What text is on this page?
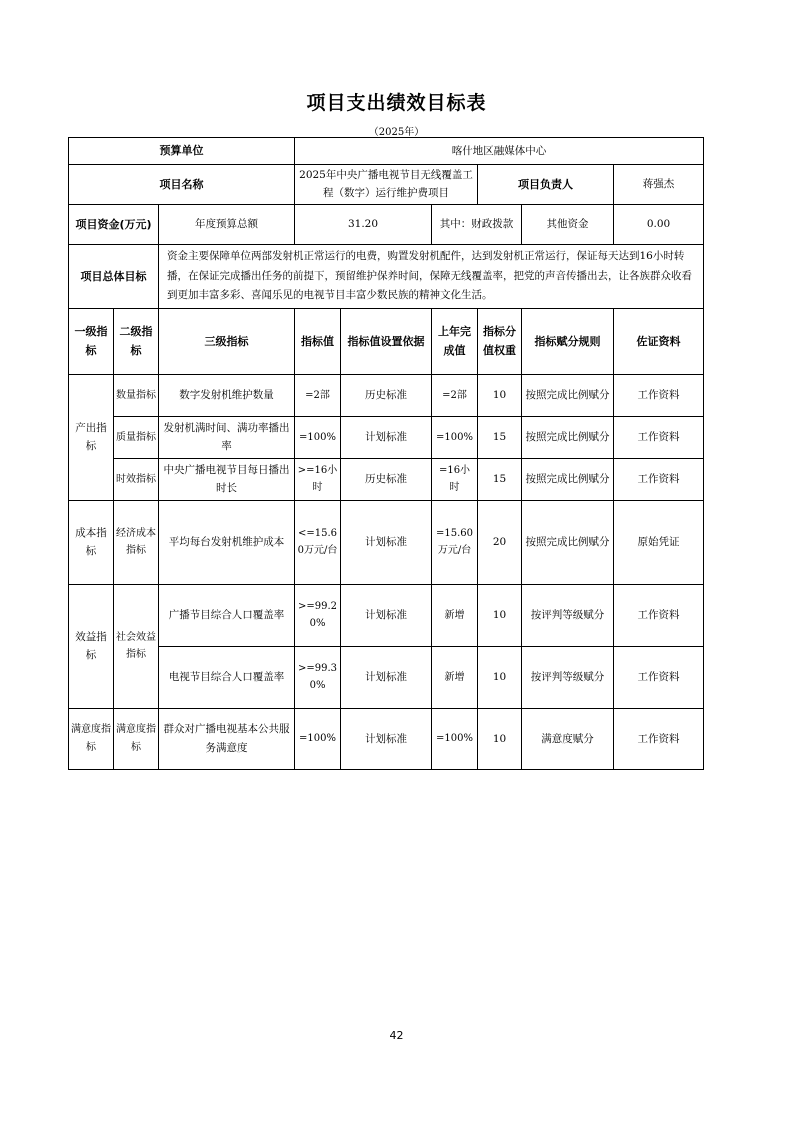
项目支出绩效目标表
（2025年）
预算单位			喀什地区融媒体中心					
项目名称			2025年中央广播电视节目无线覆盖工程（数字）运行维护费项目			项目负责人		蒋强杰
项目资金(万元)		年度预算总额	31.20		其中：财政拨款		其他资金	0.00
项目总体目标		资金主要保障单位两部发射机正常运行的电费，购置发射机配件，达到发射机正常运行，保证每天达到16小时转播，在保证完成播出任务的前提下，预留维护保养时间，保障无线覆盖率，把党的声音传播出去，让各族群众收看到更加丰富多彩、喜闻乐见的电视节目丰富少数民族的精神文化生活。						
一级指标	二级指标	三级指标	指标值	指标值设置依据	上年完成值	指标分值权重	指标赋分规则	佐证资料
产出指标	数量指标	数字发射机维护数量	=2部	历史标准	=2部	10	按照完成比例赋分	工作资料
	质量指标	发射机满时间、满功率播出率	=100%	计划标准	=100%	15	按照完成比例赋分	工作资料
	时效指标	中央广播电视节目每日播出时长	>=16小时	历史标准	=16小时	15	按照完成比例赋分	工作资料
成本指标	经济成本指标	平均每台发射机维护成本	<=15.60万元/台	计划标准	=15.60万元/台	20	按照完成比例赋分	原始凭证
效益指标	社会效益指标	广播节目综合人口覆盖率	>=99.20%	计划标准	新增	10	按评判等级赋分	工作资料
		电视节目综合人口覆盖率	>=99.30%	计划标准	新增	10	按评判等级赋分	工作资料
满意度指标	满意度指标	群众对广播电视基本公共服务满意度	=100%	计划标准	=100%	10	满意度赋分	工作资料
42
